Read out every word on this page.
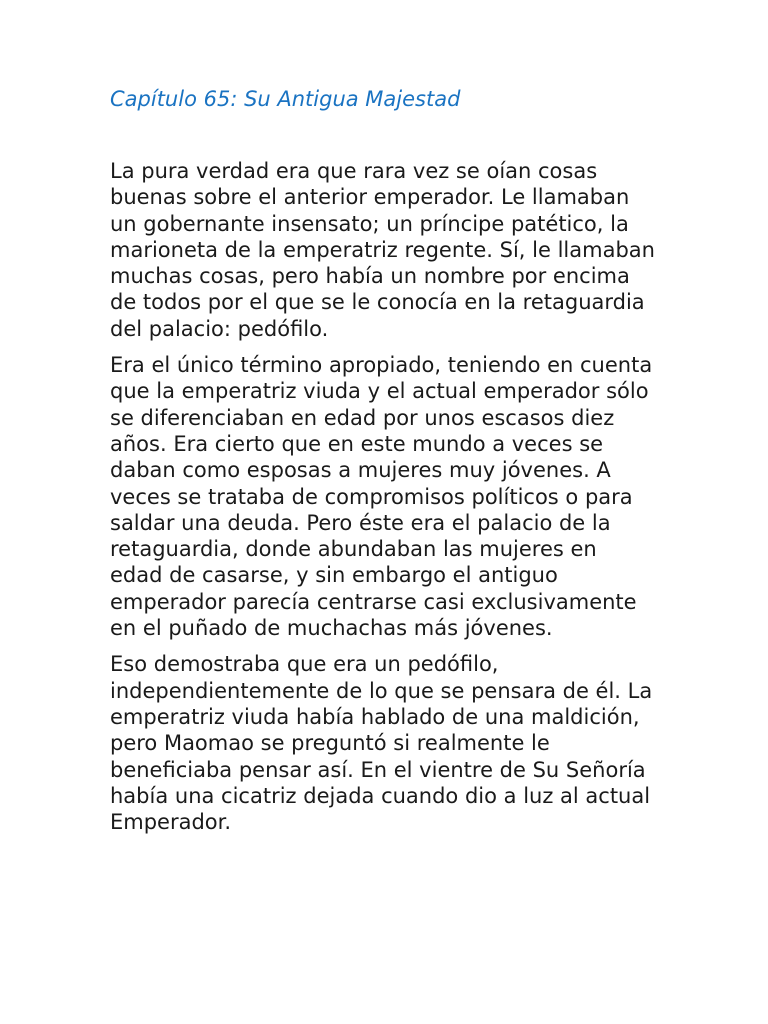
Capítulo 65: Su Antigua Majestad

La pura verdad era que rara vez se oían cosas buenas sobre el anterior emperador. Le llamaban un gobernante insensato; un príncipe patético, la marioneta de la emperatriz regente. Sí, le llamaban muchas cosas, pero había un nombre por encima de todos por el que se le conocía en la retaguardia del palacio: pedófilo.

Era el único término apropiado, teniendo en cuenta que la emperatriz viuda y el actual emperador sólo se diferenciaban en edad por unos escasos diez años. Era cierto que en este mundo a veces se daban como esposas a mujeres muy jóvenes. A veces se trataba de compromisos políticos o para saldar una deuda. Pero éste era el palacio de la retaguardia, donde abundaban las mujeres en edad de casarse, y sin embargo el antiguo emperador parecía centrarse casi exclusivamente en el puñado de muchachas más jóvenes.

Eso demostraba que era un pedófilo, independientemente de lo que se pensara de él. La emperatriz viuda había hablado de una maldición, pero Maomao se preguntó si realmente le beneficiaba pensar así. En el vientre de Su Señoría había una cicatriz dejada cuando dio a luz al actual Emperador.
